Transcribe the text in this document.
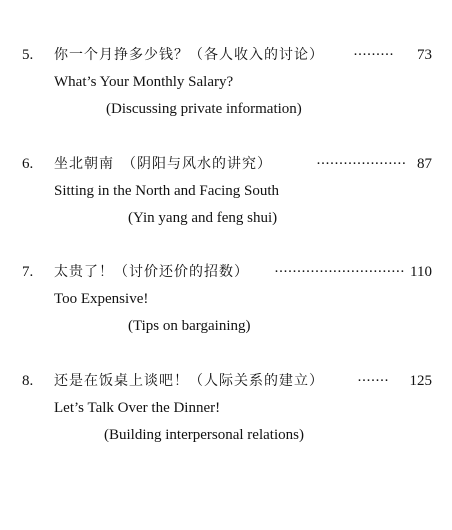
5. 你一个月挣多少钱？（各人收入的讨论） ········· 73
What’s Your Monthly Salary?
(Discussing private information)
6. 坐北朝南　（阴阳与风水的讲究）	···················· 87
Sitting in the North and Facing South
(Yin yang and feng shui)
7. 太贵了！（讨价还价的招数） ····························· 110
Too Expensive!
(Tips on bargaining)
8. 还是在饭桌上谈吧！（人际关系的建立） ······· 125
Let’s Talk Over the Dinner!
(Building interpersonal relations)
